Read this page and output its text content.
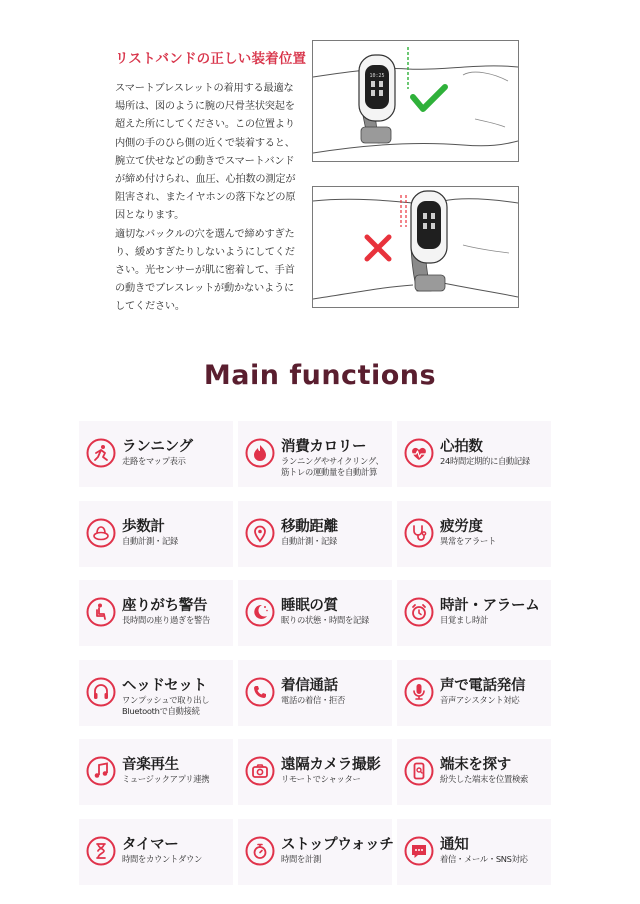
リストバンドの正しい装着位置
スマートブレスレットの着用する最適な場所は、図のように腕の尺骨茎状突起を超えた所にしてください。この位置より内側の手のひら側の近くで装着すると、腕立て伏せなどの動きでスマートバンドが締め付けられ、血圧、心拍数の測定が阻害され、またイヤホンの落下などの原因となります。
適切なバックルの穴を選んで締めすぎたり、緩めすぎたりしないようにしてください。光センサーが肌に密着して、手首の動きでブレスレットが動かないようにしてください。
10:25
Main functions
ランニング
走路をマップ表示
消費カロリー
ランニングやサイクリング、
筋トレの運動量を自動計算
心拍数
24時間定期的に自動記録
歩数計
自動計測・記録
移動距離
自動計測・記録
疲労度
異常をアラート
座りがち警告
長時間の座り過ぎを警告
睡眠の質
眠りの状態・時間を記録
時計・アラーム
目覚まし時計
ヘッドセット
ワンプッシュで取り出し
Bluetoothで自動接続
着信通話
電話の着信・拒否
声で電話発信
音声アシスタント対応
音楽再生
ミュージックアプリ連携
遠隔カメラ撮影
リモートでシャッター
端末を探す
紛失した端末を位置検索
タイマー
時間をカウントダウン
ストップウォッチ
時間を計測
通知
着信・メール・SNS対応
